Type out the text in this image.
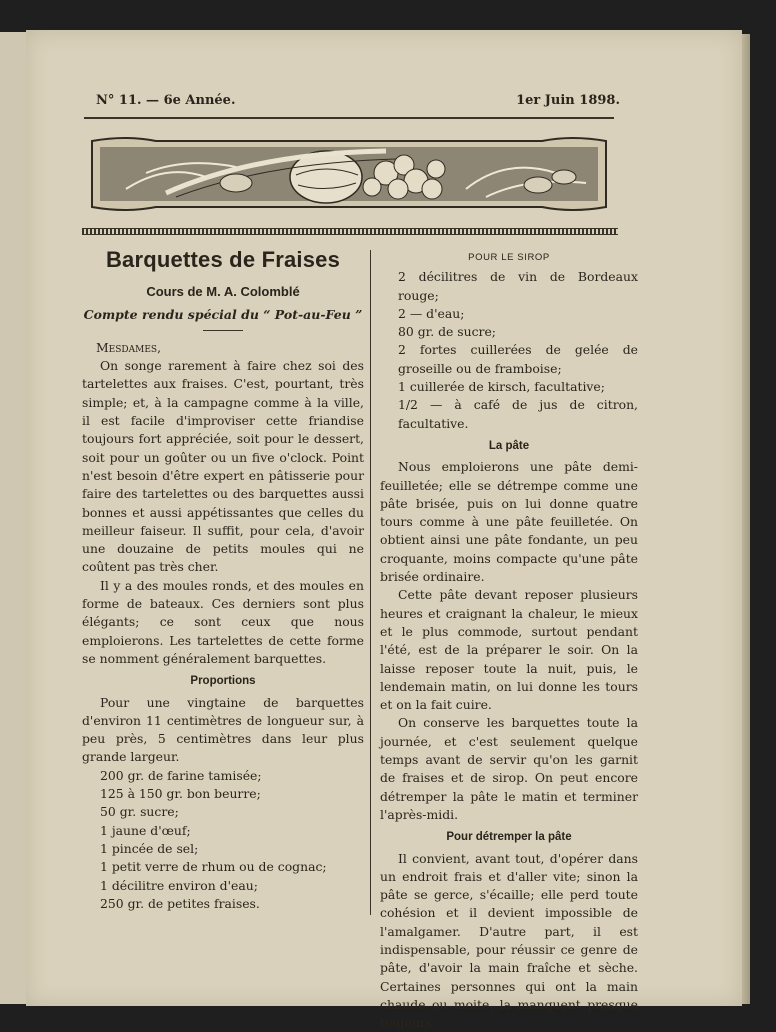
N° 11. — 6e Année.	1er Juin 1898.
Barquettes de Fraises
Cours de M. A. Colomblé
Compte rendu spécial du “ Pot-au-Feu ”

Mesdames,

On songe rarement à faire chez soi des tartelettes aux fraises. C'est, pourtant, très simple; et, à la campagne comme à la ville, il est facile d'improviser cette friandise toujours fort appréciée, soit pour le dessert, soit pour un goûter ou un five o'clock. Point n'est besoin d'être expert en pâtisserie pour faire des tartelettes ou des barquettes aussi bonnes et aussi appétissantes que celles du meilleur faiseur. Il suffit, pour cela, d'avoir une douzaine de petits moules qui ne coûtent pas très cher.

Il y a des moules ronds, et des moules en forme de bateaux. Ces derniers sont plus élégants; ce sont ceux que nous emploierons. Les tartelettes de cette forme se nomment généralement barquettes.

Proportions

Pour une vingtaine de barquettes d'environ 11 centimètres de longueur sur, à peu près, 5 centimètres dans leur plus grande largeur.

200 gr. de farine tamisée;

125 à 150 gr. bon beurre;

50 gr. sucre;

1 jaune d'œuf;

1 pincée de sel;

1 petit verre de rhum ou de cognac;

1 décilitre environ d'eau;

250 gr. de petites fraises.

POUR LE SIROP

2 décilitres de vin de Bordeaux rouge;

2 — d'eau;

80 gr. de sucre;

2 fortes cuillerées de gelée de groseille ou de framboise;

1 cuillerée de kirsch, facultative;

1/2 — à café de jus de citron, facultative.

La pâte

Nous emploierons une pâte demi-feuilletée; elle se détrempe comme une pâte brisée, puis on lui donne quatre tours comme à une pâte feuilletée. On obtient ainsi une pâte fondante, un peu croquante, moins compacte qu'une pâte brisée ordinaire.

Cette pâte devant reposer plusieurs heures et craignant la chaleur, le mieux et le plus commode, surtout pendant l'été, est de la préparer le soir. On la laisse reposer toute la nuit, puis, le lendemain matin, on lui donne les tours et on la fait cuire.

On conserve les barquettes toute la journée, et c'est seulement quelque temps avant de servir qu'on les garnit de fraises et de sirop. On peut encore détremper la pâte le matin et terminer l'après-midi.

Pour détremper la pâte

Il convient, avant tout, d'opérer dans un endroit frais et d'aller vite; sinon la pâte se gerce, s'écaille; elle perd toute cohésion et il devient impossible de l'amalgamer. D'autre part, il est indispensable, pour réussir ce genre de pâte, d'avoir la main fraîche et sèche. Certaines personnes qui ont la main chaude ou moite, la manquent presque toujours.
